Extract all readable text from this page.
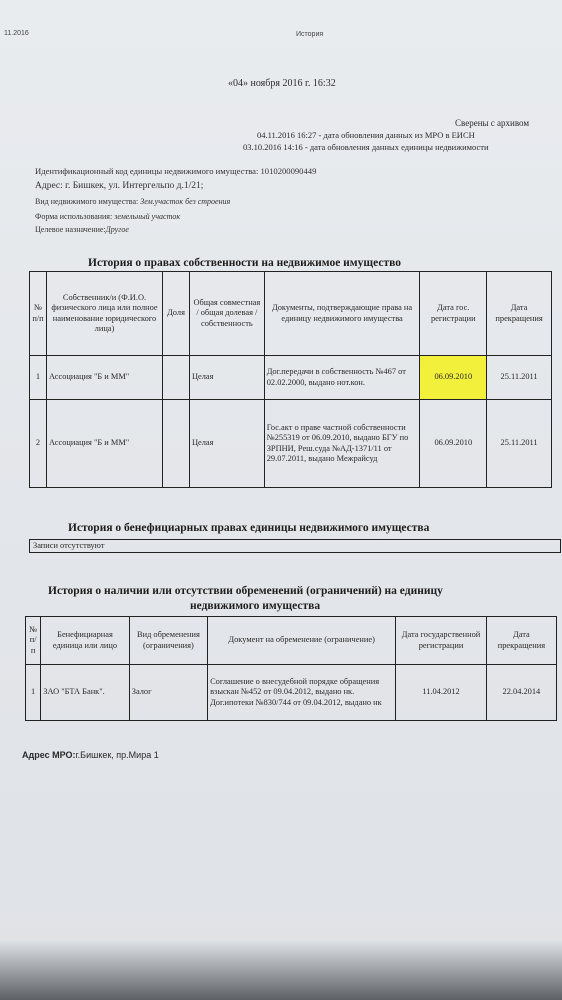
11.2016	История
«04» ноября 2016 г. 16:32
Сверены с архивом
04.11.2016 16:27 - дата обновления данных из МРО в ЕИСН
03.10.2016 14:16 - дата обновления данных единицы недвижимости
Идентификационный код единицы недвижимого имущества: 1010200090449
Адрес: г. Бишкек, ул. Интергельпо д.1/21;
Вид недвижимого имущества: Зем.участок без строения
Форма использования: земельный участок
Целевое назначение:Другое
История о правах собственности на недвижимое имущество
№ п/п	Собственник/и (Ф.И.О. физического лица или полное наименование юридического лица)	Доля	Общая совместная / общая долевая / собственность	Документы, подтверждающие права на единицу недвижимого имущества	Дата гос. регистрации	Дата прекращения
1	Ассоциация "Б и ММ"		Целая	Дог.передачи в собственность №467 от 02.02.2000, выдано нот.кон.	06.09.2010	25.11.2011
2	Ассоциация "Б и ММ"		Целая	Гос.акт о праве частной собственности №255319 от 06.09.2010, выдано БГУ по ЗРПНИ, Реш.суда №АД-1371/11 от 29.07.2011, выдано Межрайсуд	06.09.2010	25.11.2011
История о бенефициарных правах единицы недвижимого имущества
Записи отсутствуют
История о наличии или отсутствии обременений (ограничений) на единицу
недвижимого имущества
№ п/п	Бенефициарная единица или лицо	Вид обременения (ограничения)	Документ на обременение (ограничение)	Дата государственной регистрации	Дата прекращения
1	ЗАО "БТА Банк".	Залог	Соглашение о внесудебной порядке обращения взыскан №452 от 09.04.2012, выдано нк. Дог.ипотеки №830/744 от 09.04.2012, выдано нк	11.04.2012	22.04.2014
Адрес МРО:г.Бишкек, пр.Мира 1
